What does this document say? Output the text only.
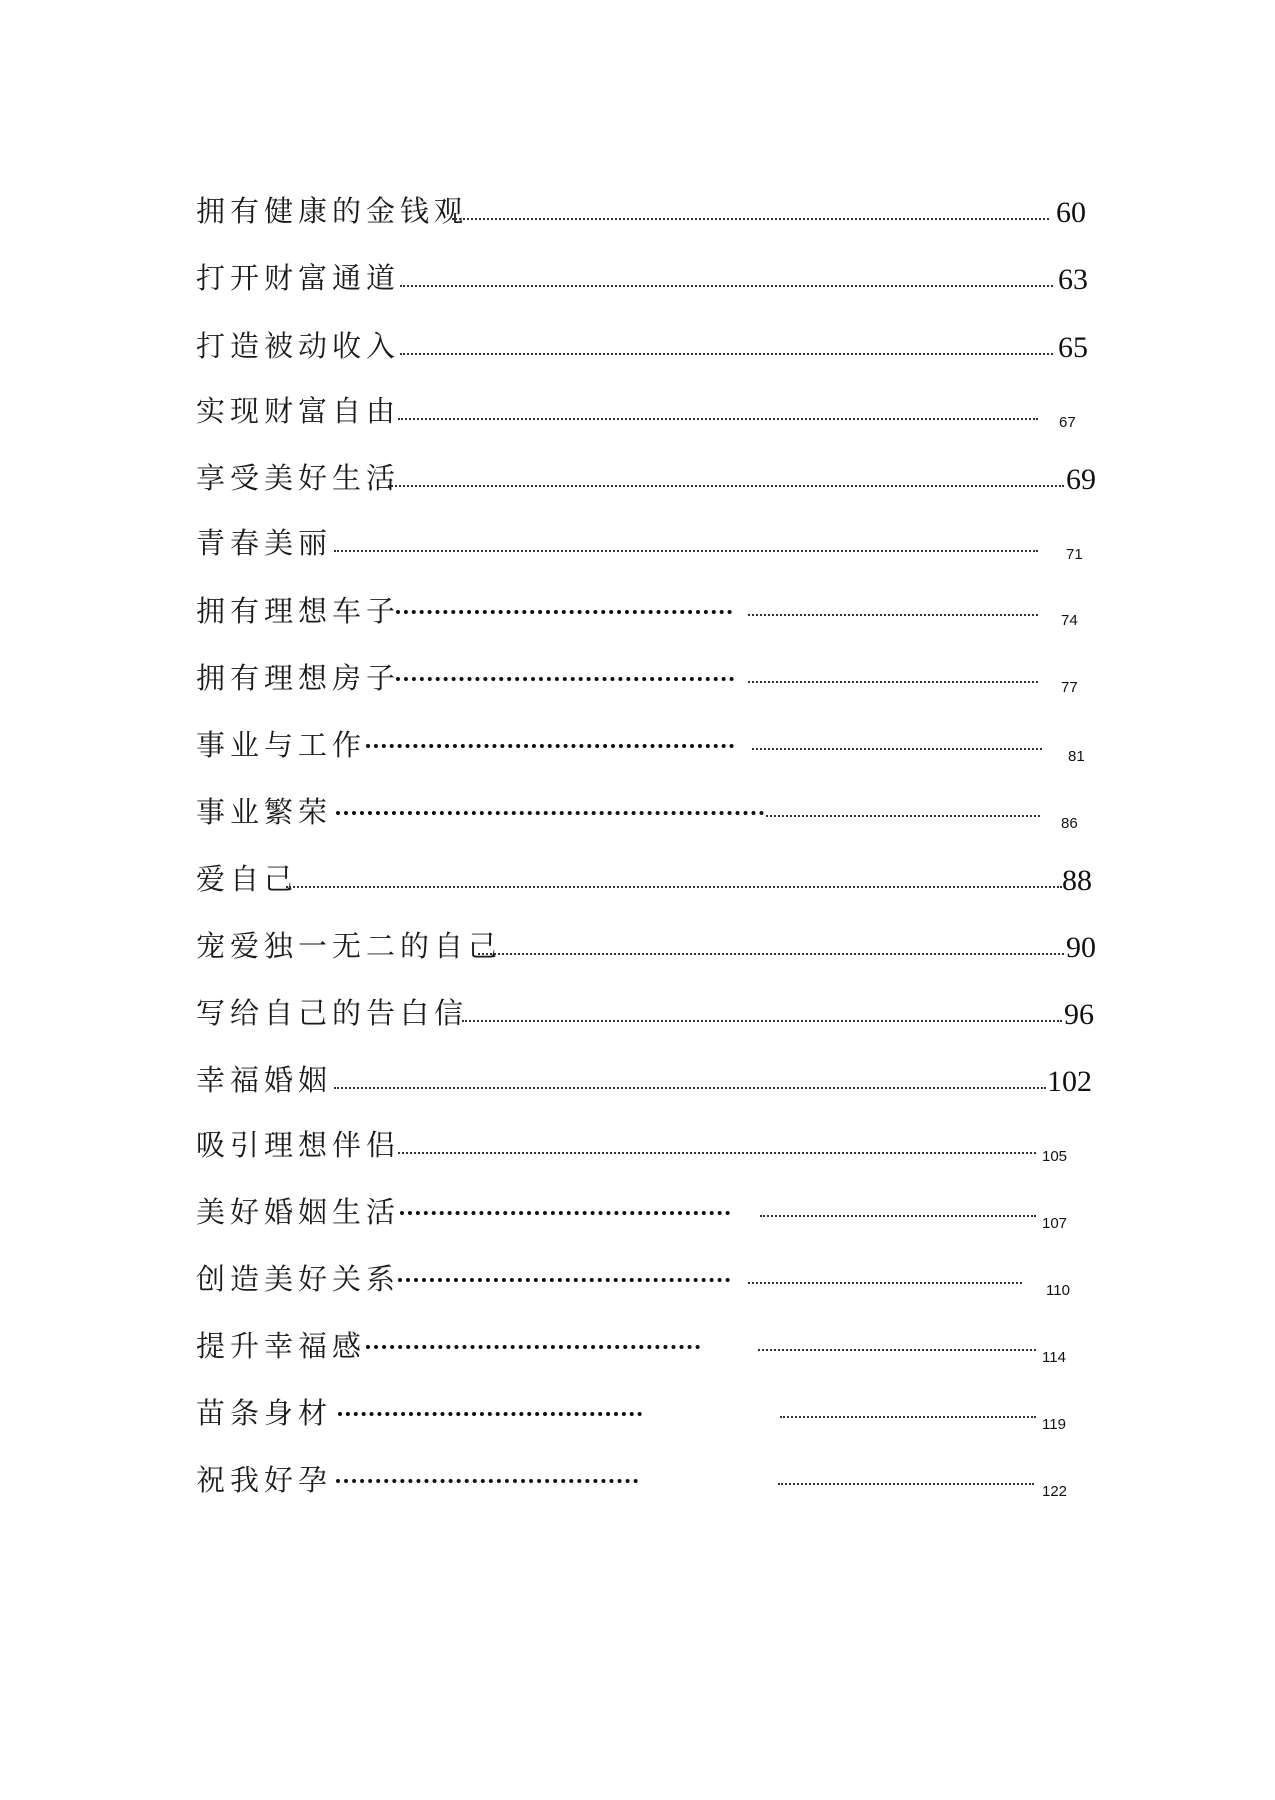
拥有健康的金钱观	60
打开财富通道	63
打造被动收入	65
实现财富自由	67
享受美好生活	69
青春美丽	71
拥有理想车子	74
拥有理想房子	77
事业与工作	81
事业繁荣	86
爱自己	88
宠爱独一无二的自己	90
写给自己的告白信	96
幸福婚姻	102
吸引理想伴侣	105
美好婚姻生活	107
创造美好关系	110
提升幸福感	114
苗条身材	119
祝我好孕	122
